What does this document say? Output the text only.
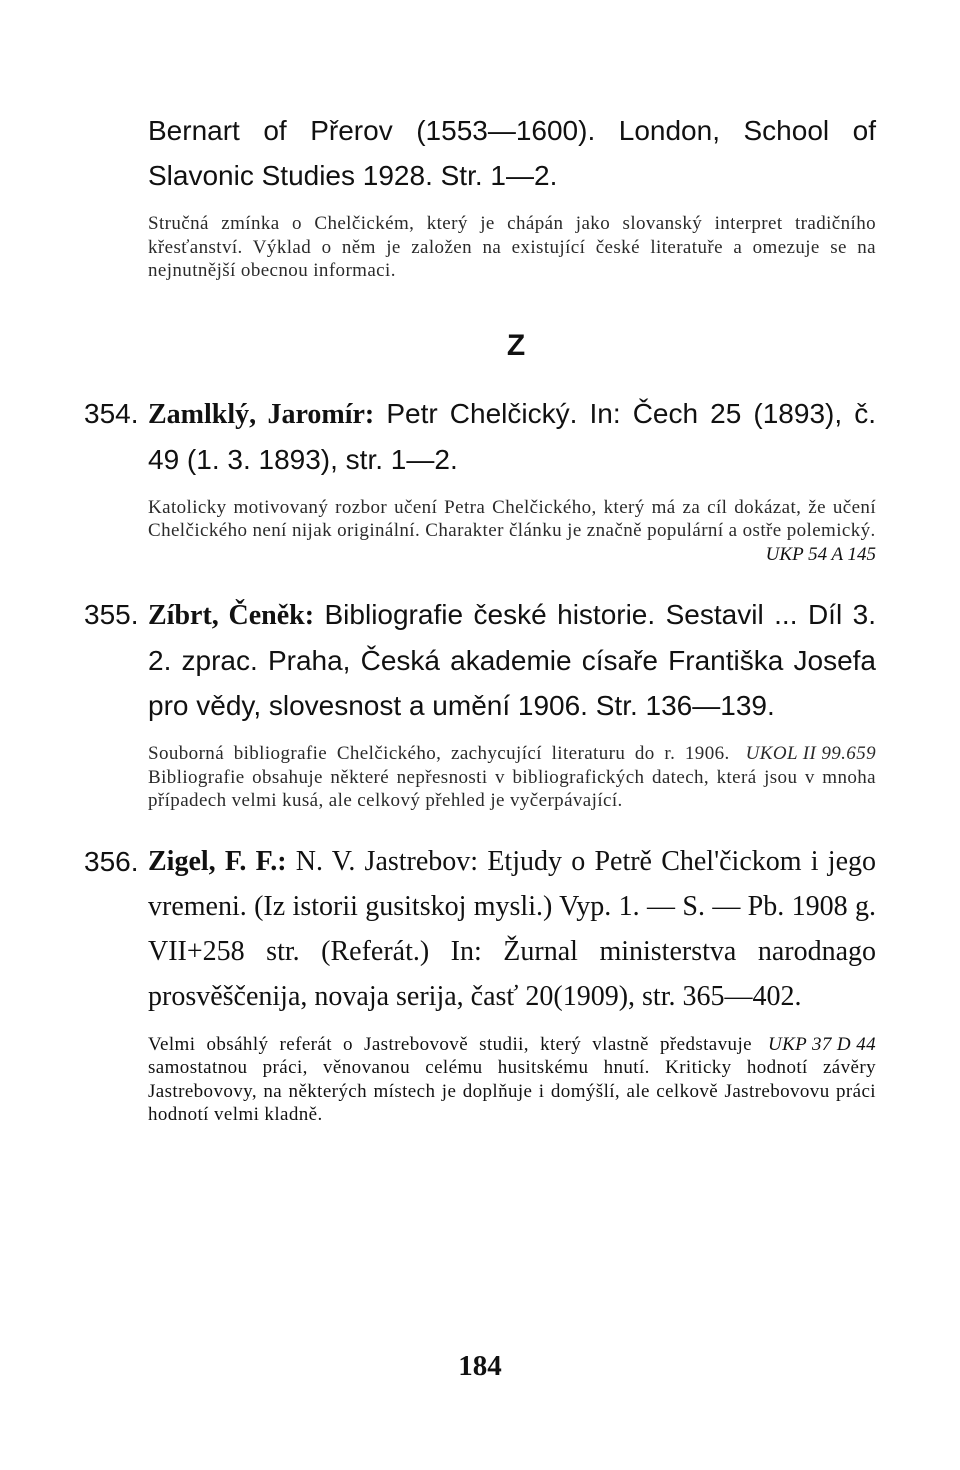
Bernart of Přerov (1553—1600). London, School of Slavonic Studies 1928. Str. 1—2.
Stručná zmínka o Chelčickém, který je chápán jako slovanský interpret tradičního křesťanství. Výklad o něm je založen na existující české literatuře a omezuje se na nejnutnější obecnou informaci.
Z
354. Zamlklý, Jaromír: Petr Chelčický. In: Čech 25 (1893), č. 49 (1. 3. 1893), str. 1—2.
Katolicky motivovaný rozbor učení Petra Chelčického, který má za cíl dokázat, že učení Chelčického není nijak originální. Charakter článku je značně populární a ostře polemický.
UKP 54 A 145
355. Zíbrt, Čeněk: Bibliografie české historie. Sestavil ... Díl 3. 2. zprac. Praha, Česká akademie císaře Františka Josefa pro vědy, slovesnost a umění 1906. Str. 136—139.
UKOL II 99.659
Souborná bibliografie Chelčického, zachycující literaturu do r. 1906. Bibliografie obsahuje některé nepřesnosti v bibliografických datech, která jsou v mnoha případech velmi kusá, ale celkový přehled je vyčerpávající.
356. Zigel, F. F.: N. V. Jastrebov: Etjudy o Petrě Chel'čickom i jego vremeni. (Iz istorii gusitskoj mysli.) Vyp. 1. — S. — Pb. 1908 g. VII+258 str. (Referát.) In: Žurnal ministerstva narodnago prosvěščenija, novaja serija, časť 20(1909), str. 365—402.
UKP 37 D 44
Velmi obsáhlý referát o Jastrebovově studii, který vlastně představuje samostatnou práci, věnovanou celému husitskému hnutí. Kriticky hodnotí závěry Jastrebovovy, na některých místech je doplňuje i domýšlí, ale celkově Jastrebovovu práci hodnotí velmi kladně.
184
